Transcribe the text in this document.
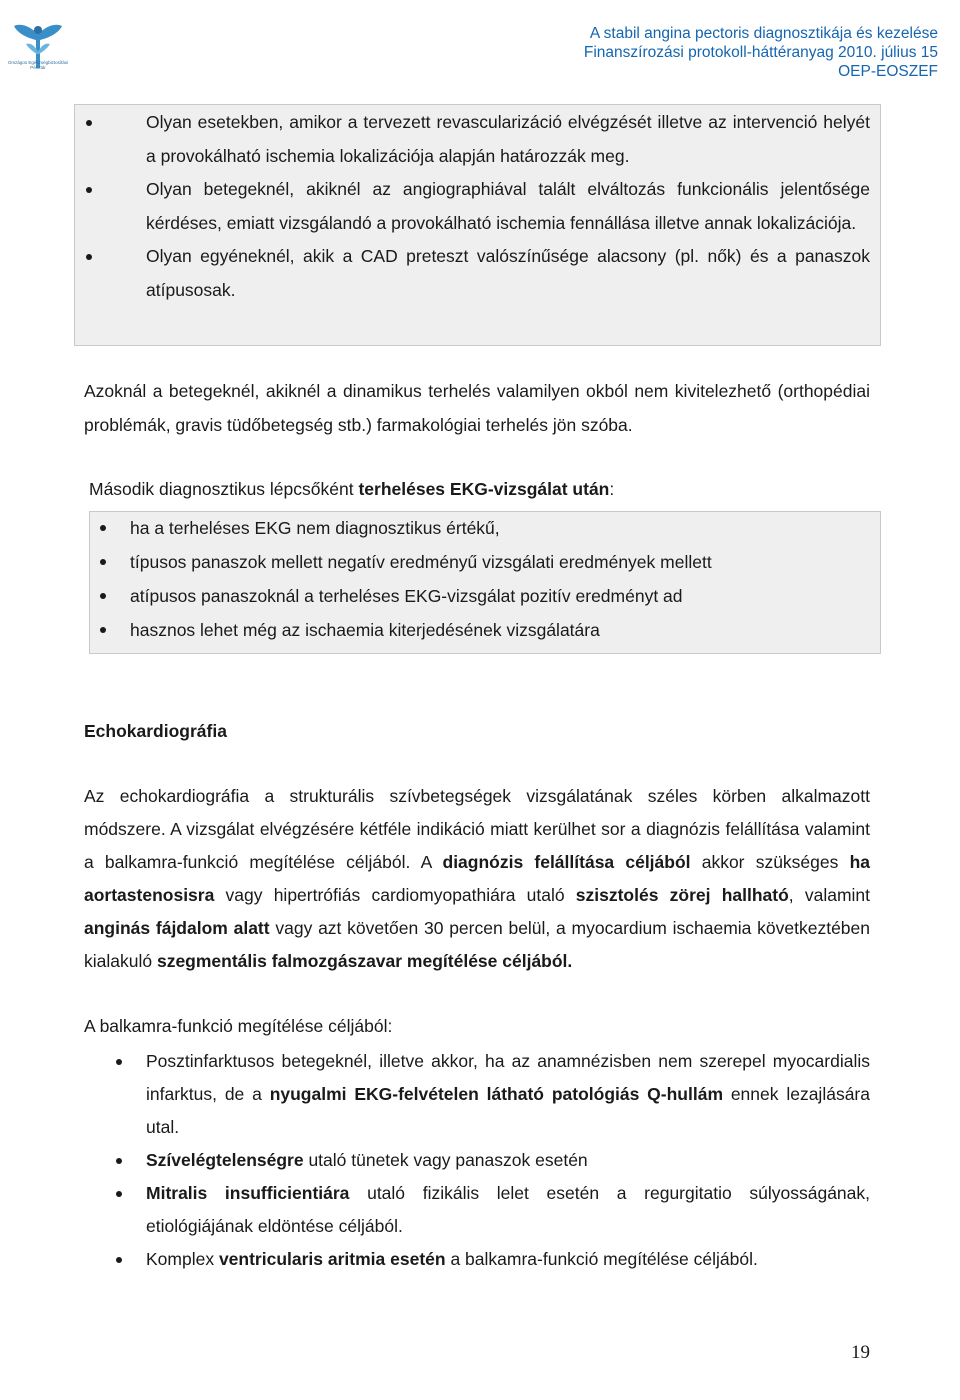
Országos Egészségbiztosítási Pénztár
A stabil angina pectoris diagnosztikája és kezelése
Finanszírozási protokoll-háttéranyag 2010. július 15
OEP-EOSZEF
Olyan esetekben, amikor a tervezett revascularizáció elvégzését illetve az intervenció helyét a provokálható ischemia lokalizációja alapján határozzák meg.
Olyan betegeknél, akiknél az angiographiával talált elváltozás funkcionális jelentősége kérdéses, emiatt vizsgálandó a provokálható ischemia fennállása illetve annak lokalizációja.
Olyan egyéneknél, akik a CAD preteszt valószínűsége alacsony (pl. nők) és a panaszok atípusosak.
Azoknál a betegeknél, akiknél a dinamikus terhelés valamilyen okból nem kivitelezhető (orthopédiai problémák, gravis tüdőbetegség stb.) farmakológiai terhelés jön szóba.
Második diagnosztikus lépcsőként terheléses EKG-vizsgálat után:
ha a terheléses EKG nem diagnosztikus értékű,
típusos panaszok mellett negatív eredményű vizsgálati eredmények mellett
atípusos panaszoknál a terheléses EKG-vizsgálat pozitív eredményt ad
hasznos lehet még az ischaemia kiterjedésének vizsgálatára
Echokardiográfia
Az echokardiográfia a strukturális szívbetegségek vizsgálatának széles körben alkalmazott módszere. A vizsgálat elvégzésére kétféle indikáció miatt kerülhet sor a diagnózis felállítása valamint a balkamra-funkció megítélése céljából. A diagnózis felállítása céljából akkor szükséges ha aortastenosisra vagy hipertrófiás cardiomyopathiára utaló szisztolés zörej hallható, valamint anginás fájdalom alatt vagy azt követően 30 percen belül, a myocardium ischaemia következtében kialakuló szegmentális falmozgászavar megítélése céljából.
A balkamra-funkció megítélése céljából:
Posztinfarktusos betegeknél, illetve akkor, ha az anamnézisben nem szerepel myocardialis infarktus, de a nyugalmi EKG-felvételen látható patológiás Q-hullám ennek lezajlására utal.
Szívelégtelenségre utaló tünetek vagy panaszok esetén
Mitralis insufficientiára utaló fizikális lelet esetén a regurgitatio súlyosságának, etiológiájának eldöntése céljából.
Komplex ventricularis aritmia esetén a balkamra-funkció megítélése céljából.
19
